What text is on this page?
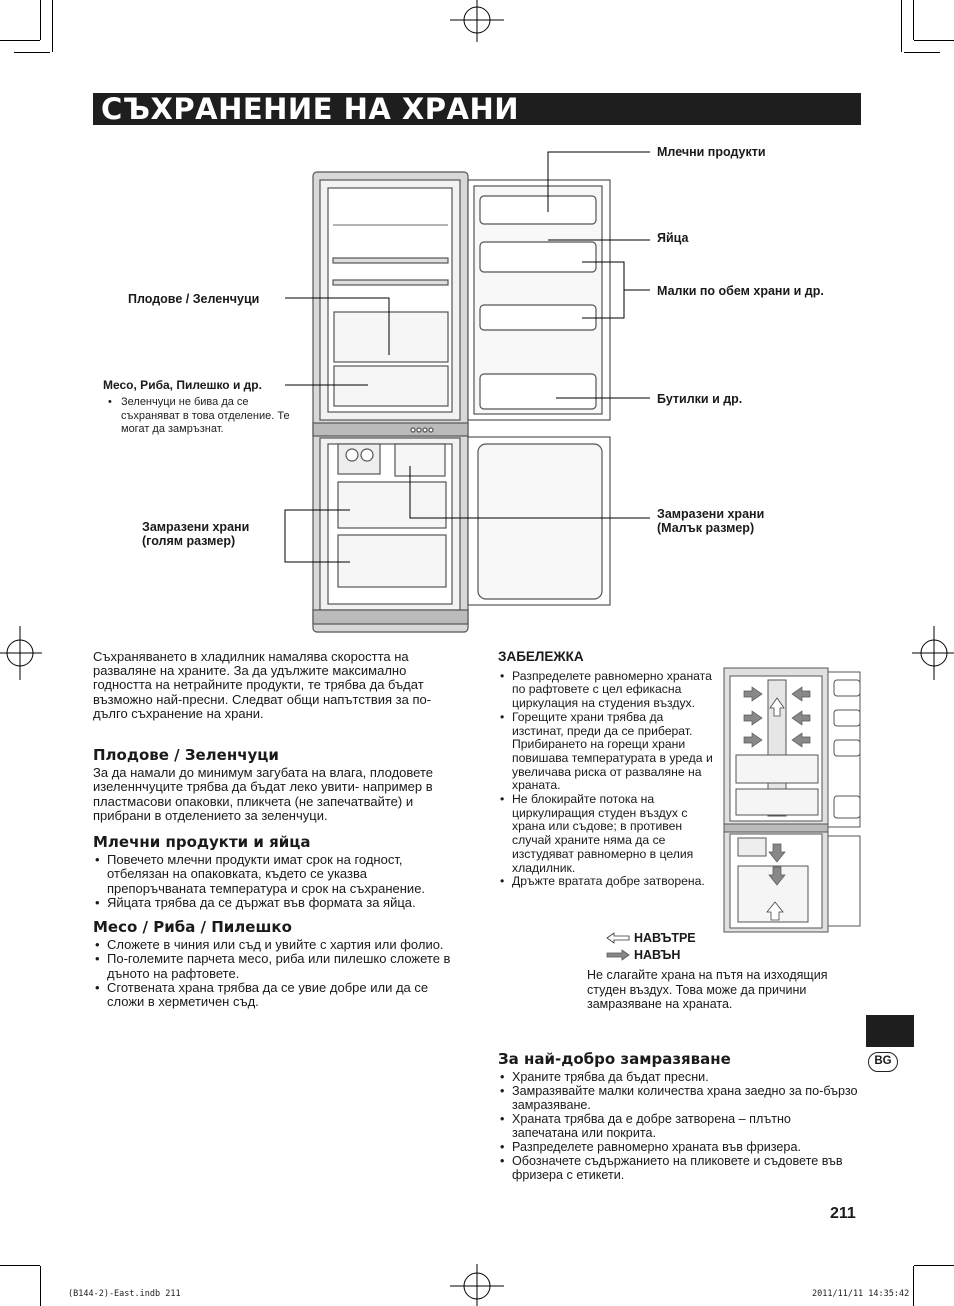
СЪХРАНЕНИЕ НА ХРАНИ
Млечни продукти
Яйца
Малки по обем храни и др.
Бутилки и др.
Плодове / Зеленчуци
Месо, Риба, Пилешко и др.
• Зеленчуци не бива да се съхраняват в това отделение. Те могат да замръзнат.
Замразени храни
(Малък размер)
Замразени храни
(голям размер)

Съхраняването в хладилник намалява скоростта на разваляне на храните. За да удължите максимално годността на нетрайните продукти, те трябва да бъдат възможно най-пресни. Следват общи напътствия за по-дълго съхранение на храни.

Плодове / Зеленчуци

За да намали до минимум загубата на влага, плодовете изеленнчуците трябва да бъдат леко увити- например в пластмасови опаковки, пликчета (не запечатвайте) и прибрани в отделението за зеленчуци.

Млечни продукти и яйца
• Повечето млечни продукти имат срок на годност, отбелязан на опаковката, където се указва препоръчваната температура и срок на съхранение.
• Яйцата трябва да се държат във формата за яйца.
Месо / Риба / Пилешко
• Сложете в чиния или съд и увийте с хартия или фолио.
• По-големите парчета месо, риба или пилешко сложете в дъното на рафтовете.
• Сготвената храна трябва да се увие добре или да се сложи в херметичен съд.
ЗАБЕЛЕЖКА
• Разпределете равномерно храната по рафтовете с цел ефикасна циркулация на студения въздух.
• Горещите храни трябва да изстинат, преди да се приберат. Прибирането на горещи храни повишава температурата в уреда и увеличава риска от разваляне на храната.
• Не блокирайте потока на циркулиращия студен въздух с храна или съдове; в противен случай храните няма да се изстудяват равномерно в целия хладилник.
• Дръжте вратата добре затворена.
НАВЪТРЕ
НАВЪН
Не слагайте храна на пътя на изходящия студен въздух. Това може да причини замразяване на храната.
За най-добро замразяване
• Храните трябва да бъдат пресни.
• Замразявайте малки количества храна заедно за по-бързо замразяване.
• Храната трябва да е добре затворена – плътно запечатана или покрита.
• Разпределете равномерно храната във фризера.
• Обозначете съдържанието на пликовете и съдовете във фризера с етикети.
BG
211
(B144-2)-East.indb 211	2011/11/11 14:35:42
